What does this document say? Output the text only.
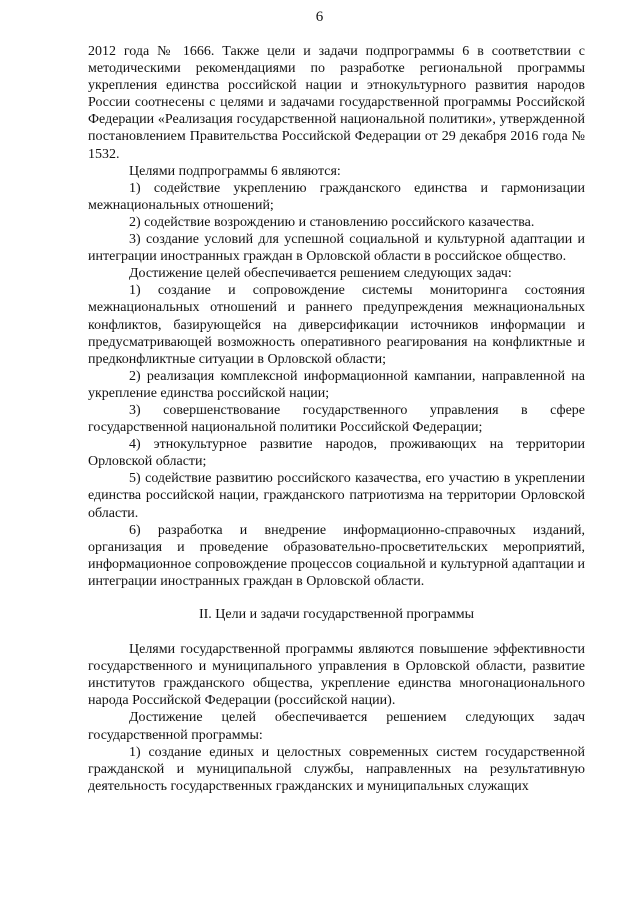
6

2012 года № 1666. Также цели и задачи подпрограммы 6 в соответствии с методическими рекомендациями по разработке региональной программы укрепления единства российской нации и этнокультурного развития народов России соотнесены с целями и задачами государственной программы Российской Федерации «Реализация государственной национальной политики», утвержденной постановлением Правительства Российской Федерации от 29 декабря 2016 года № 1532.

Целями подпрограммы 6 являются:

1) содействие укреплению гражданского единства и гармонизации межнациональных отношений;

2) содействие возрождению и становлению российского казачества.

3) создание условий для успешной социальной и культурной адаптации и интеграции иностранных граждан в Орловской области в российское общество.

Достижение целей обеспечивается решением следующих задач:

1) создание и сопровождение системы мониторинга состояния межнациональных отношений и раннего предупреждения межнациональных конфликтов, базирующейся на диверсификации источников информации и предусматривающей возможность оперативного реагирования на конфликтные и предконфликтные ситуации в Орловской области;

2) реализация комплексной информационной кампании, направленной на укрепление единства российской нации;

3) совершенствование государственного управления в сфере государственной национальной политики Российской Федерации;

4) этнокультурное развитие народов, проживающих на территории Орловской области;

5) содействие развитию российского казачества, его участию в укреплении единства российской нации, гражданского патриотизма на территории Орловской области.

6) разработка и внедрение информационно-справочных изданий, организация и проведение образовательно-просветительских мероприятий, информационное сопровождение процессов социальной и культурной адаптации и интеграции иностранных граждан в Орловской области.

II. Цели и задачи государственной программы

Целями государственной программы являются повышение эффективности государственного и муниципального управления в Орловской области, развитие институтов гражданского общества, укрепление единства многонационального народа Российской Федерации (российской нации).

Достижение целей обеспечивается решением следующих задач государственной программы:

1) создание единых и целостных современных систем государственной гражданской и муниципальной службы, направленных на результативную деятельность государственных гражданских и муниципальных служащих
